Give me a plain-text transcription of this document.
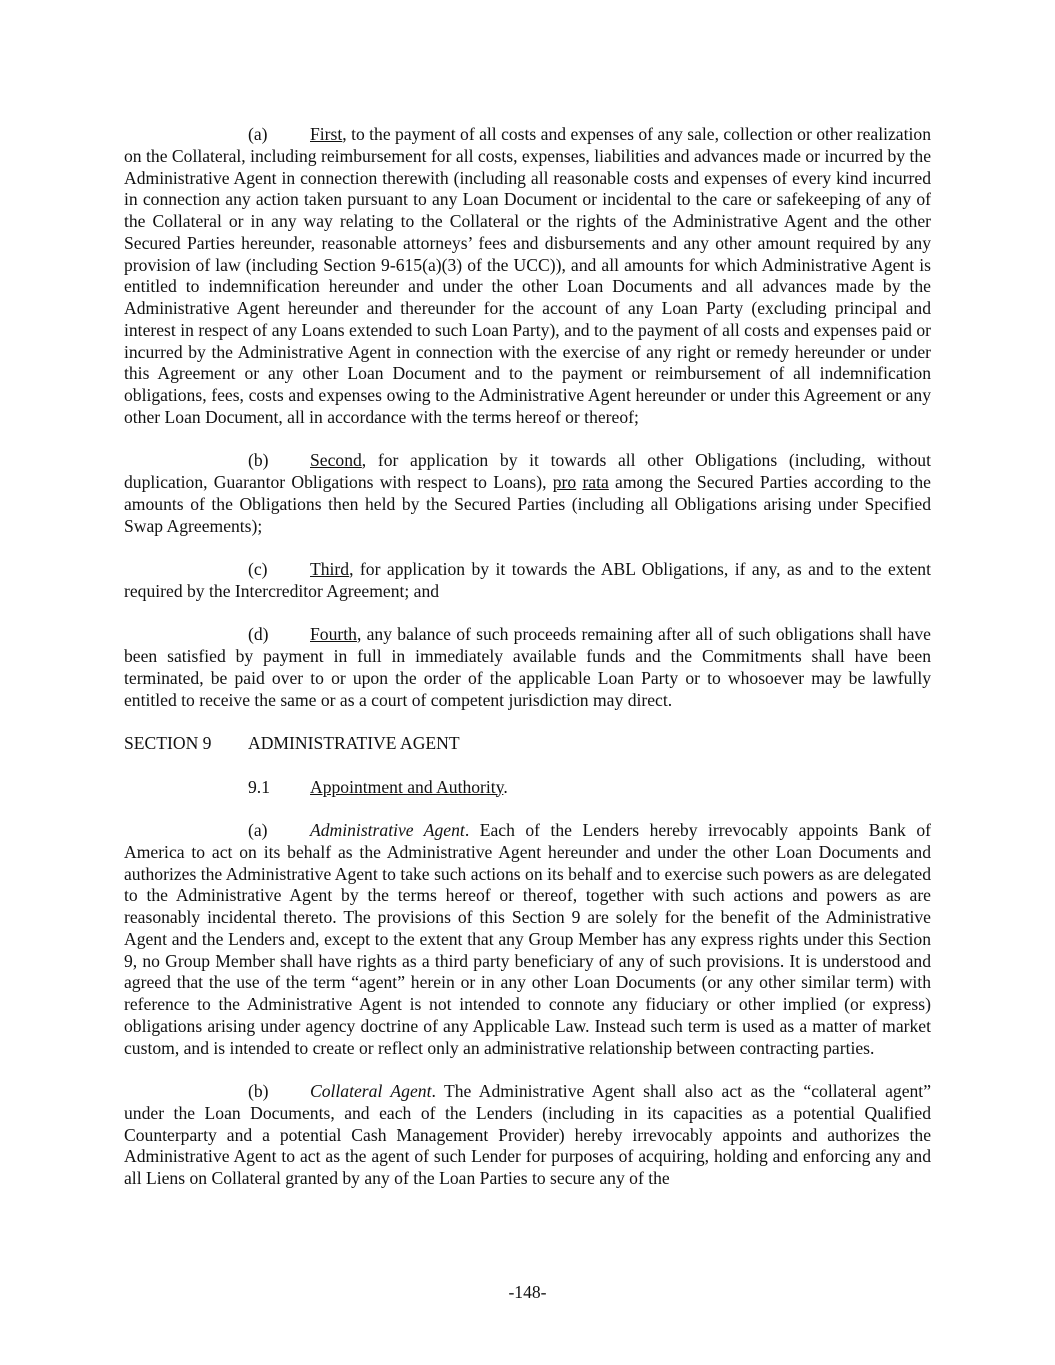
(a) First, to the payment of all costs and expenses of any sale, collection or other realization on the Collateral, including reimbursement for all costs, expenses, liabilities and advances made or incurred by the Administrative Agent in connection therewith (including all reasonable costs and expenses of every kind incurred in connection any action taken pursuant to any Loan Document or incidental to the care or safekeeping of any of the Collateral or in any way relating to the Collateral or the rights of the Administrative Agent and the other Secured Parties hereunder, reasonable attorneys’ fees and disbursements and any other amount required by any provision of law (including Section 9-615(a)(3) of the UCC)), and all amounts for which Administrative Agent is entitled to indemnification hereunder and under the other Loan Documents and all advances made by the Administrative Agent hereunder and thereunder for the account of any Loan Party (excluding principal and interest in respect of any Loans extended to such Loan Party), and to the payment of all costs and expenses paid or incurred by the Administrative Agent in connection with the exercise of any right or remedy hereunder or under this Agreement or any other Loan Document and to the payment or reimbursement of all indemnification obligations, fees, costs and expenses owing to the Administrative Agent hereunder or under this Agreement or any other Loan Document, all in accordance with the terms hereof or thereof;

(b) Second, for application by it towards all other Obligations (including, without duplication, Guarantor Obligations with respect to Loans), pro rata among the Secured Parties according to the amounts of the Obligations then held by the Secured Parties (including all Obligations arising under Specified Swap Agreements);

(c) Third, for application by it towards the ABL Obligations, if any, as and to the extent required by the Intercreditor Agreement; and

(d) Fourth, any balance of such proceeds remaining after all of such obligations shall have been satisfied by payment in full in immediately available funds and the Commitments shall have been terminated, be paid over to or upon the order of the applicable Loan Party or to whosoever may be lawfully entitled to receive the same or as a court of competent jurisdiction may direct.

SECTION 9 ADMINISTRATIVE AGENT
9.1 Appointment and Authority.

(a) Administrative Agent. Each of the Lenders hereby irrevocably appoints Bank of America to act on its behalf as the Administrative Agent hereunder and under the other Loan Documents and authorizes the Administrative Agent to take such actions on its behalf and to exercise such powers as are delegated to the Administrative Agent by the terms hereof or thereof, together with such actions and powers as are reasonably incidental thereto. The provisions of this Section 9 are solely for the benefit of the Administrative Agent and the Lenders and, except to the extent that any Group Member has any express rights under this Section 9, no Group Member shall have rights as a third party beneficiary of any of such provisions. It is understood and agreed that the use of the term “agent” herein or in any other Loan Documents (or any other similar term) with reference to the Administrative Agent is not intended to connote any fiduciary or other implied (or express) obligations arising under agency doctrine of any Applicable Law. Instead such term is used as a matter of market custom, and is intended to create or reflect only an administrative relationship between contracting parties.

(b) Collateral Agent. The Administrative Agent shall also act as the “collateral agent” under the Loan Documents, and each of the Lenders (including in its capacities as a potential Qualified Counterparty and a potential Cash Management Provider) hereby irrevocably appoints and authorizes the Administrative Agent to act as the agent of such Lender for purposes of acquiring, holding and enforcing any and all Liens on Collateral granted by any of the Loan Parties to secure any of the

-148-
